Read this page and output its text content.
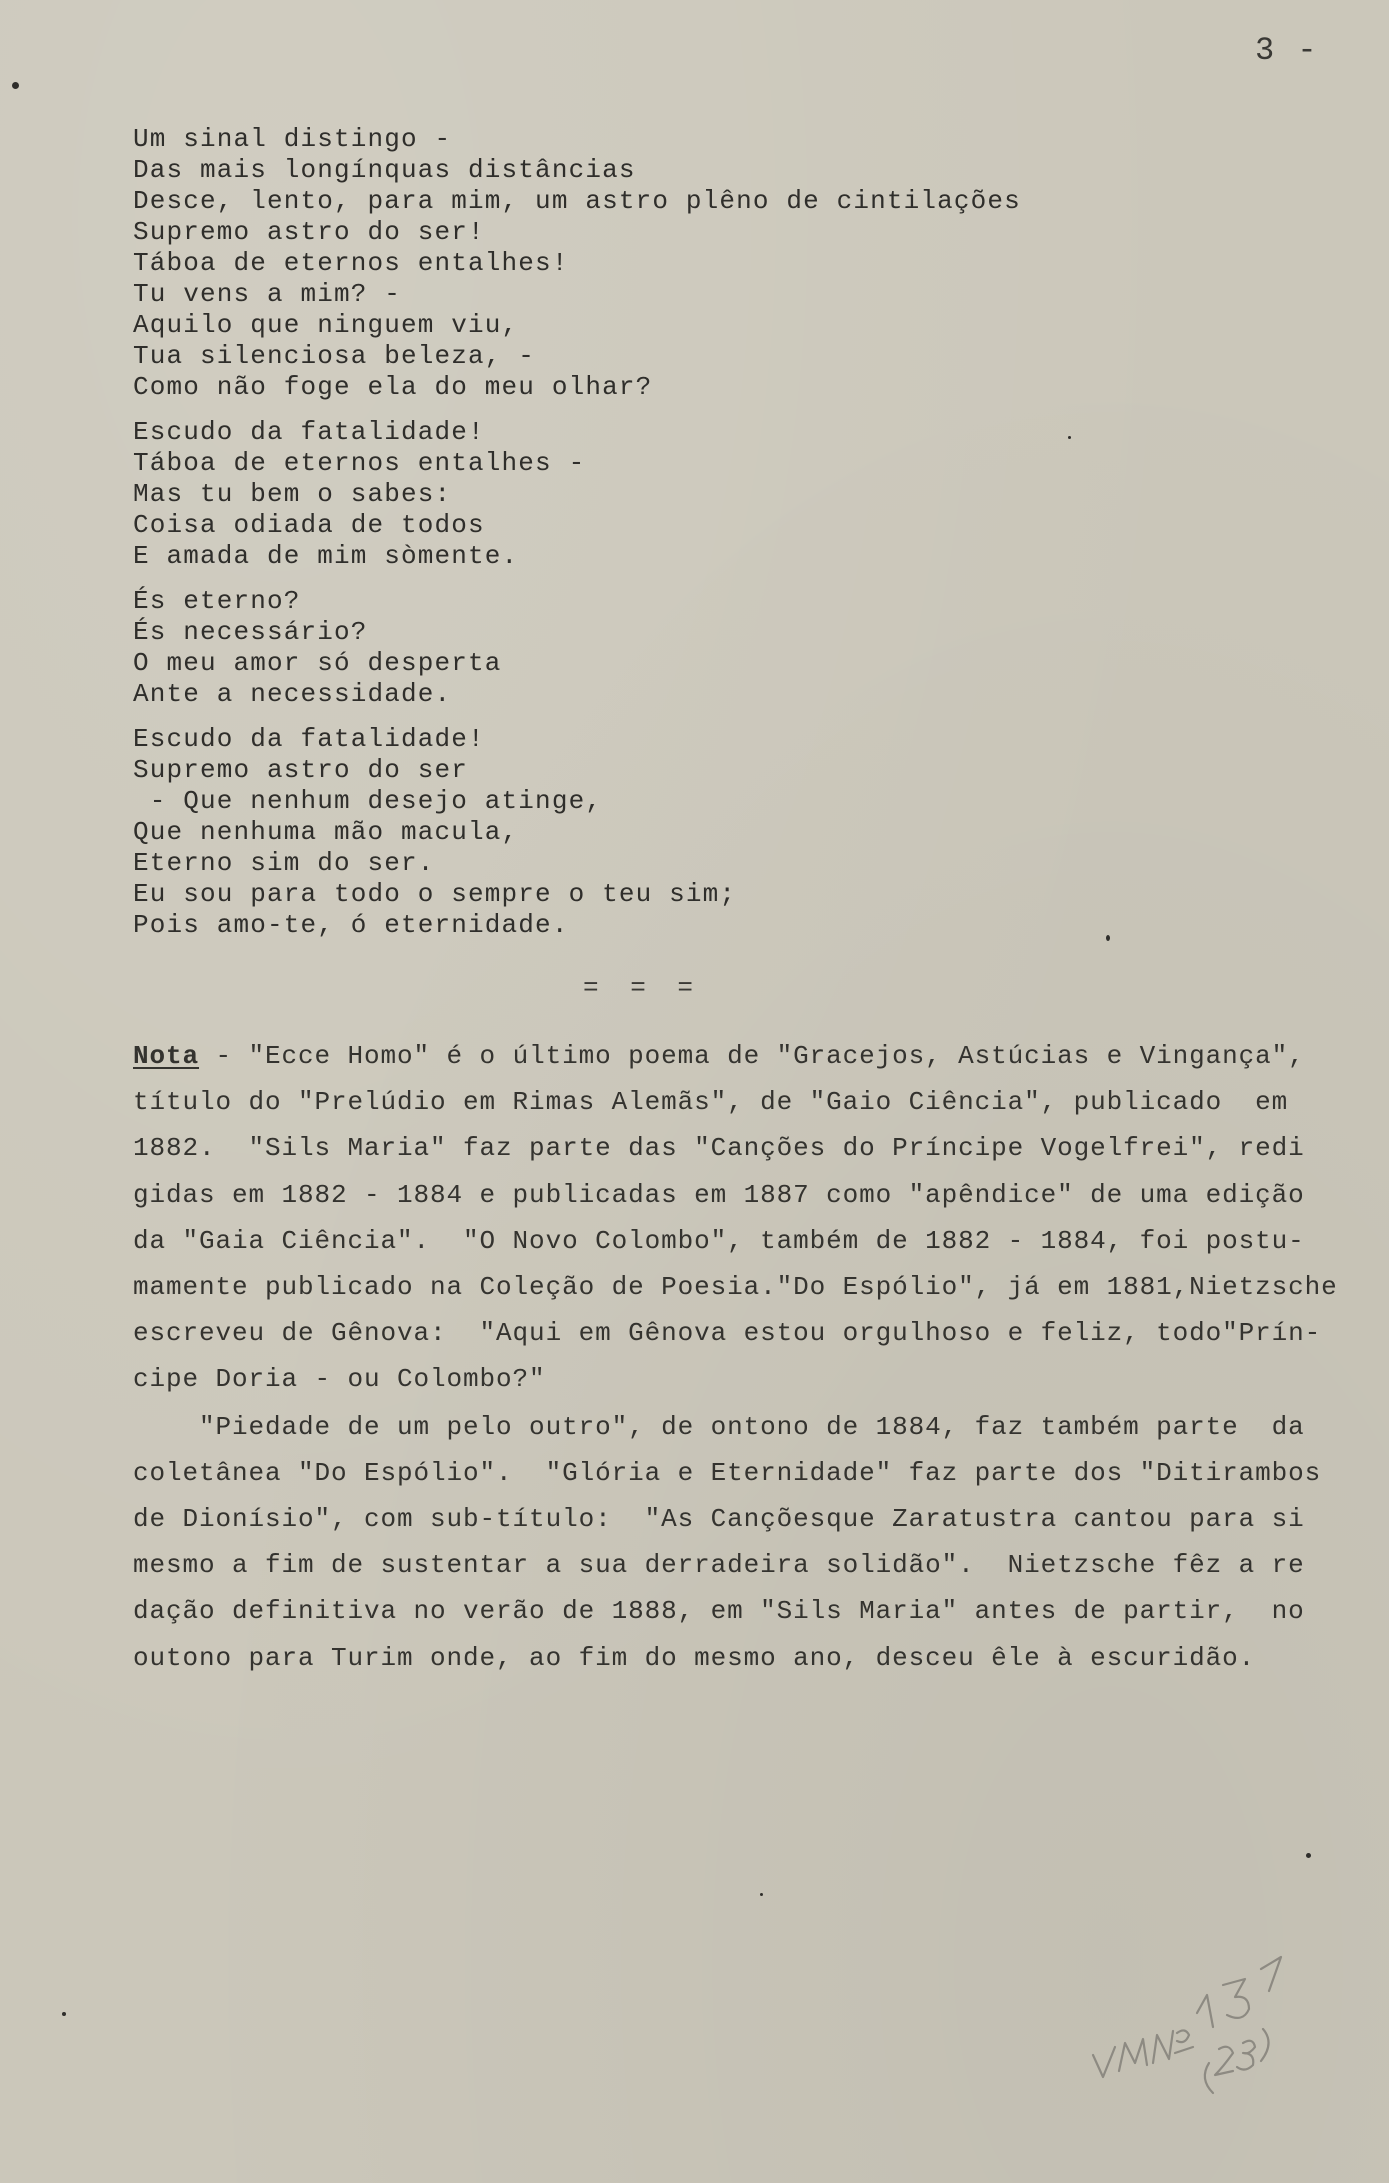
3 -
Um sinal distingo -
Das mais longínquas distâncias
Desce, lento, para mim, um astro plêno de cintilações
Supremo astro do ser!
Táboa de eternos entalhes!
Tu vens a mim? -
Aquilo que ninguem viu,
Tua silenciosa beleza, -
Como não foge ela do meu olhar?
Escudo da fatalidade!
Táboa de eternos entalhes -
Mas tu bem o sabes:
Coisa odiada de todos
E amada de mim sòmente.
És eterno?
És necessário?
O meu amor só desperta
Ante a necessidade.
Escudo da fatalidade!
Supremo astro do ser
- Que nenhum desejo atinge,
Que nenhuma mão macula,
Eterno sim do ser.
Eu sou para todo o sempre o teu sim;
Pois amo-te, ó eternidade.
= = =
Nota - "Ecce Homo" é o último poema de "Gracejos, Astúcias e Vingança",
título do "Prelúdio em Rimas Alemãs", de "Gaio Ciência", publicado  em
1882.  "Sils Maria" faz parte das "Canções do Príncipe Vogelfrei", redi
gidas em 1882 - 1884 e publicadas em 1887 como "apêndice" de uma edição
da "Gaia Ciência".  "O Novo Colombo", também de 1882 - 1884, foi postu-
mamente publicado na Coleção de Poesia."Do Espólio", já em 1881,Nietzsche
escreveu de Gênova:  "Aqui em Gênova estou orgulhoso e feliz, todo"Prín-
cipe Doria - ou Colombo?"
"Piedade de um pelo outro", de ontono de 1884, faz também parte  da
coletânea "Do Espólio".  "Glória e Eternidade" faz parte dos "Ditirambos
de Dionísio", com sub-título:  "As Cançõesque Zaratustra cantou para si
mesmo a fim de sustentar a sua derradeira solidão".  Nietzsche fêz a re
dação definitiva no verão de 1888, em "Sils Maria" antes de partir,  no
outono para Turim onde, ao fim do mesmo ano, desceu êle à escuridão.
